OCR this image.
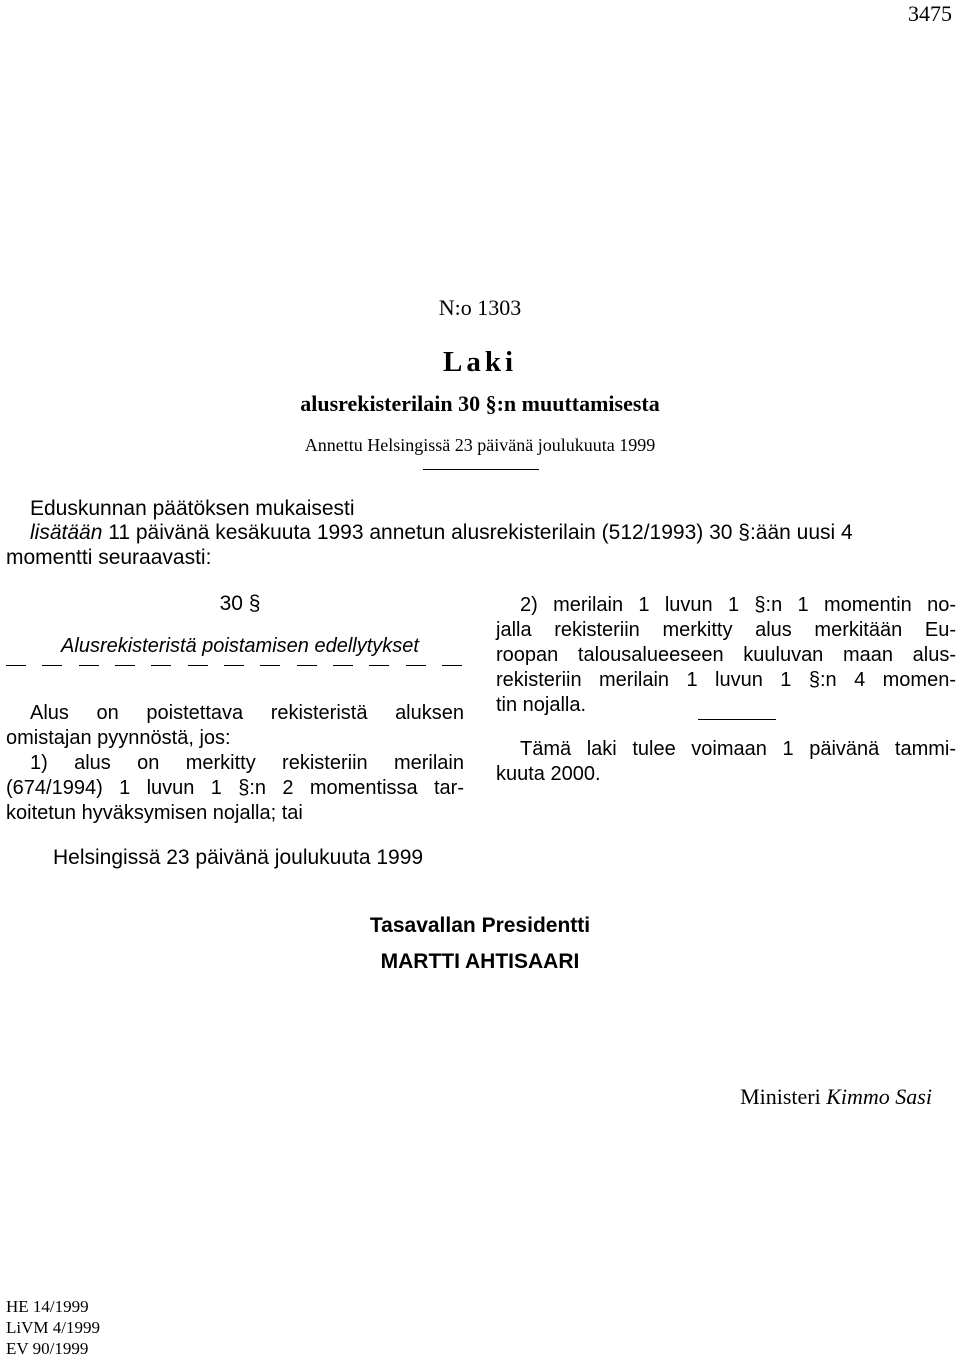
3475
N:o 1303
Laki
alusrekisterilain 30 §:n muuttamisesta
Annettu Helsingissä 23 päivänä joulukuuta 1999
Eduskunnan päätöksen mukaisesti
lisätään 11 päivänä kesäkuuta 1993 annetun alusrekisterilain (512/1993) 30 §:ään uusi 4
momentti seuraavasti:
30 §
Alusrekisteristä poistamisen edellytykset
Alus on poistettava rekisteristä aluksen
omistajan pyynnöstä, jos:
1) alus on merkitty rekisteriin merilain
(674/1994) 1 luvun 1 §:n 2 momentissa tar-
koitetun hyväksymisen nojalla; tai
2) merilain 1 luvun 1 §:n 1 momentin no-
jalla rekisteriin merkitty alus merkitään Eu-
roopan talousalueeseen kuuluvan maan alus-
rekisteriin merilain 1 luvun 1 §:n 4 momen-
tin nojalla.
Tämä laki tulee voimaan 1 päivänä tammi-
kuuta 2000.
Helsingissä 23 päivänä joulukuuta 1999
Tasavallan Presidentti
MARTTI AHTISAARI
Ministeri Kimmo Sasi
HE 14/1999
LiVM 4/1999
EV 90/1999
